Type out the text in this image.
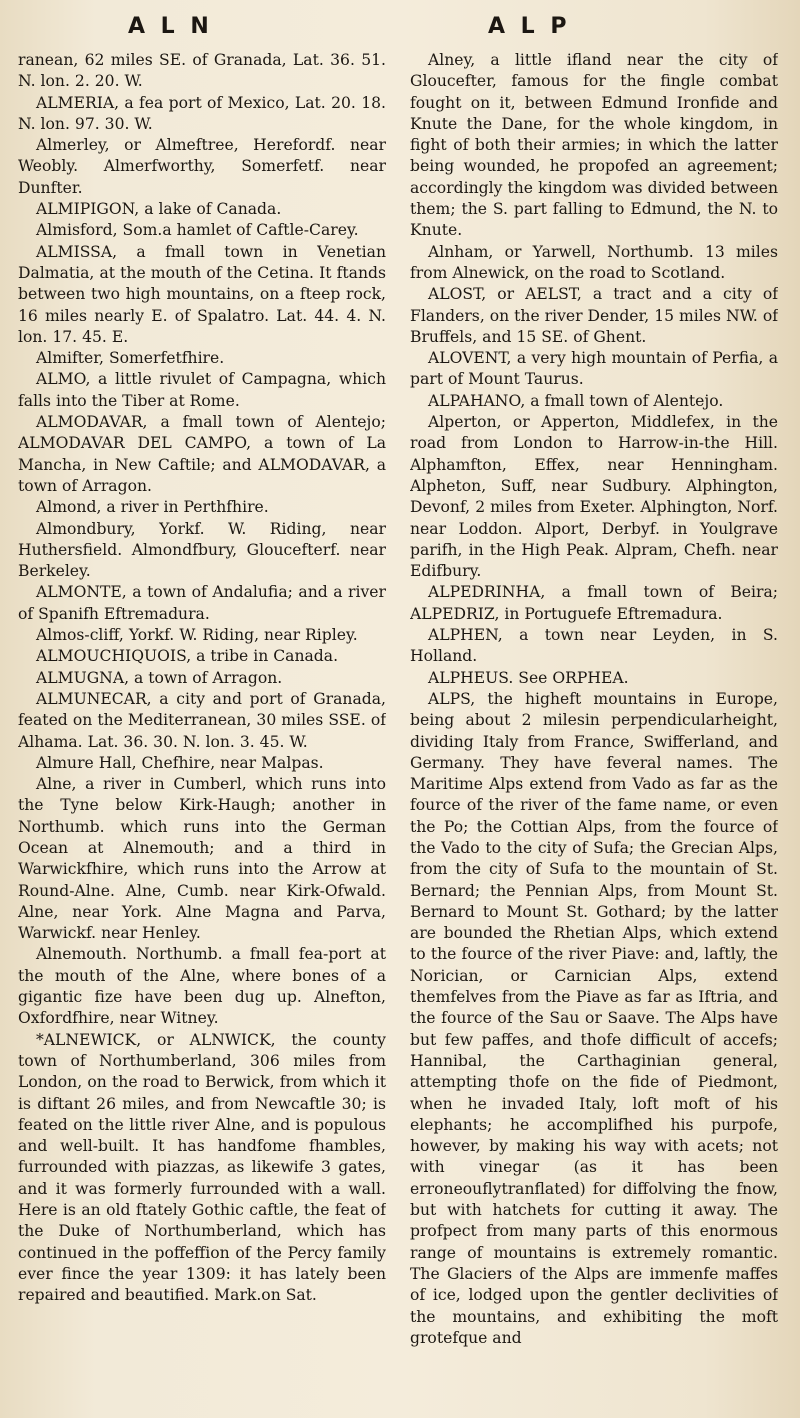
A L N	A L P

ranean, 62 miles SE. of Granada, Lat. 36. 51. N. lon. 2. 20. W.

ALMERIA, a fea port of Mexico, Lat. 20. 18. N. lon. 97. 30. W.

Almerley, or Almeftree, Herefordf. near Weobly. Almerfworthy, Somerfetf. near Dunfter.

ALMIPIGON, a lake of Canada.

Almisford, Som.a hamlet of Caftle-Carey.

ALMISSA, a fmall town in Venetian Dalmatia, at the mouth of the Cetina. It ftands between two high mountains, on a fteep rock, 16 miles nearly E. of Spalatro. Lat. 44. 4. N. lon. 17. 45. E.

Almifter, Somerfetfhire.

ALMO, a little rivulet of Campagna, which falls into the Tiber at Rome.

ALMODAVAR, a fmall town of Alentejo; ALMODAVAR DEL CAMPO, a town of La Mancha, in New Caftile; and ALMODAVAR, a town of Arragon.

Almond, a river in Perthfhire.

Almondbury, Yorkf. W. Riding, near Huthersfield. Almondfbury, Gloucefterf. near Berkeley.

ALMONTE, a town of Andalufia; and a river of Spanifh Eftremadura.

Almos-cliff, Yorkf. W. Riding, near Ripley.

ALMOUCHIQUOIS, a tribe in Canada.

ALMUGNA, a town of Arragon.

ALMUNECAR, a city and port of Granada, feated on the Mediterranean, 30 miles SSE. of Alhama. Lat. 36. 30. N. lon. 3. 45. W.

Almure Hall, Chefhire, near Malpas.

Alne, a river in Cumberl, which runs into the Tyne below Kirk-Haugh; another in Northumb. which runs into the German Ocean at Alnemouth; and a third in Warwickfhire, which runs into the Arrow at Round-Alne. Alne, Cumb. near Kirk-Ofwald. Alne, near York. Alne Magna and Parva, Warwickf. near Henley.

Alnemouth. Northumb. a fmall fea-port at the mouth of the Alne, where bones of a gigantic fize have been dug up. Alnefton, Oxfordfhire, near Witney.

*ALNEWICK, or ALNWICK, the county town of Northumberland, 306 miles from London, on the road to Berwick, from which it is diftant 26 miles, and from Newcaftle 30; is feated on the little river Alne, and is populous and well-built. It has handfome fhambles, furrounded with piazzas, as likewife 3 gates, and it was formerly furrounded with a wall. Here is an old ftately Gothic caftle, the feat of the Duke of Northumberland, which has continued in the poffeffion of the Percy family ever fince the year 1309: it has lately been repaired and beautified. Mark.on Sat.

Alney, a little ifland near the city of Gloucefter, famous for the fingle combat fought on it, between Edmund Ironfide and Knute the Dane, for the whole kingdom, in fight of both their armies; in which the latter being wounded, he propofed an agreement; accordingly the kingdom was divided between them; the S. part falling to Edmund, the N. to Knute.

Alnham, or Yarwell, Northumb. 13 miles from Alnewick, on the road to Scotland.

ALOST, or AELST, a tract and a city of Flanders, on the river Dender, 15 miles NW. of Bruffels, and 15 SE. of Ghent.

ALOVENT, a very high mountain of Perfia, a part of Mount Taurus.

ALPAHANO, a fmall town of Alentejo.

Alperton, or Apperton, Middlefex, in the road from London to Harrow-in-the Hill. Alphamfton, Effex, near Henningham. Alpheton, Suff, near Sudbury. Alphington, Devonf, 2 miles from Exeter. Alphington, Norf. near Loddon. Alport, Derbyf. in Youlgrave parifh, in the High Peak. Alpram, Chefh. near Edifbury.

ALPEDRINHA, a fmall town of Beira; ALPEDRIZ, in Portuguefe Eftremadura.

ALPHEN, a town near Leyden, in S. Holland.

ALPHEUS. See ORPHEA.

ALPS, the higheft mountains in Europe, being about 2 milesin perpendicularheight, dividing Italy from France, Swifferland, and Germany. They have feveral names. The Maritime Alps extend from Vado as far as the fource of the river of the fame name, or even the Po; the Cottian Alps, from the fource of the Vado to the city of Sufa; the Grecian Alps, from the city of Sufa to the mountain of St. Bernard; the Pennian Alps, from Mount St. Bernard to Mount St. Gothard; by the latter are bounded the Rhetian Alps, which extend to the fource of the river Piave: and, laftly, the Norician, or Carnician Alps, extend themfelves from the Piave as far as Iftria, and the fource of the Sau or Saave. The Alps have but few paffes, and thofe difficult of accefs; Hannibal, the Carthaginian general, attempting thofe on the fide of Piedmont, when he invaded Italy, loft moft of his elephants; he accomplifhed his purpofe, however, by making his way with acets; not with vinegar (as it has been erroneouflytranflated) for diffolving the fnow, but with hatchets for cutting it away. The profpect from many parts of this enormous range of mountains is extremely romantic. The Glaciers of the Alps are immenfe maffes of ice, lodged upon the gentler declivities of the mountains, and exhibiting the moft grotefque and
